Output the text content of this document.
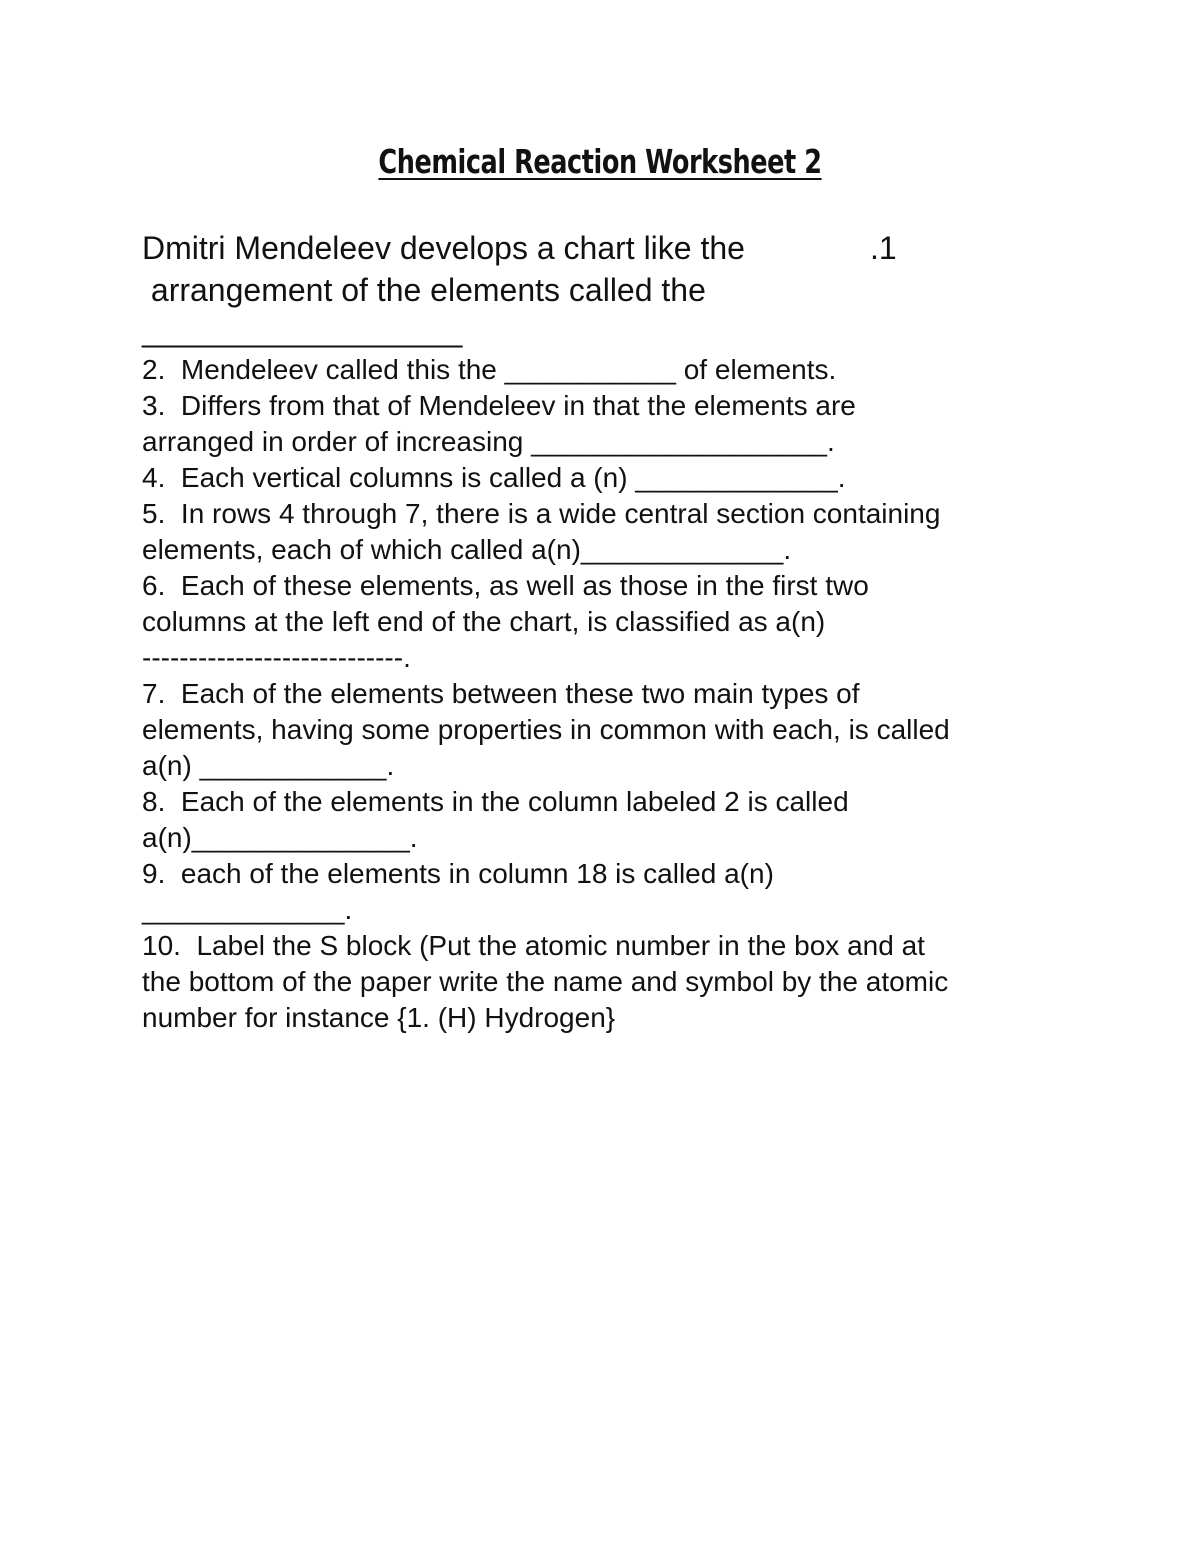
Chemical Reaction Worksheet 2
Dmitri Mendeleev develops a chart like the	.1
arrangement of the elements called the
__________________
2.  Mendeleev called this the ___________ of elements.
3.  Differs from that of Mendeleev in that the elements are
arranged in order of increasing ___________________.
4.  Each vertical columns is called a (n) _____________.
5.  In rows 4 through 7, there is a wide central section containing
elements, each of which called a(n)_____________.
6.  Each of these elements, as well as those in the first two
columns at the left end of the chart, is classified as a(n)
----------------------------.
7.  Each of the elements between these two main types of
elements, having some properties in common with each, is called
a(n) ____________.
8.  Each of the elements in the column labeled 2 is called
a(n)______________.
9.  each of the elements in column 18 is called a(n)
_____________.
10.  Label the S block (Put the atomic number in the box and at
the bottom of the paper write the name and symbol by the atomic
number for instance {1. (H) Hydrogen}
